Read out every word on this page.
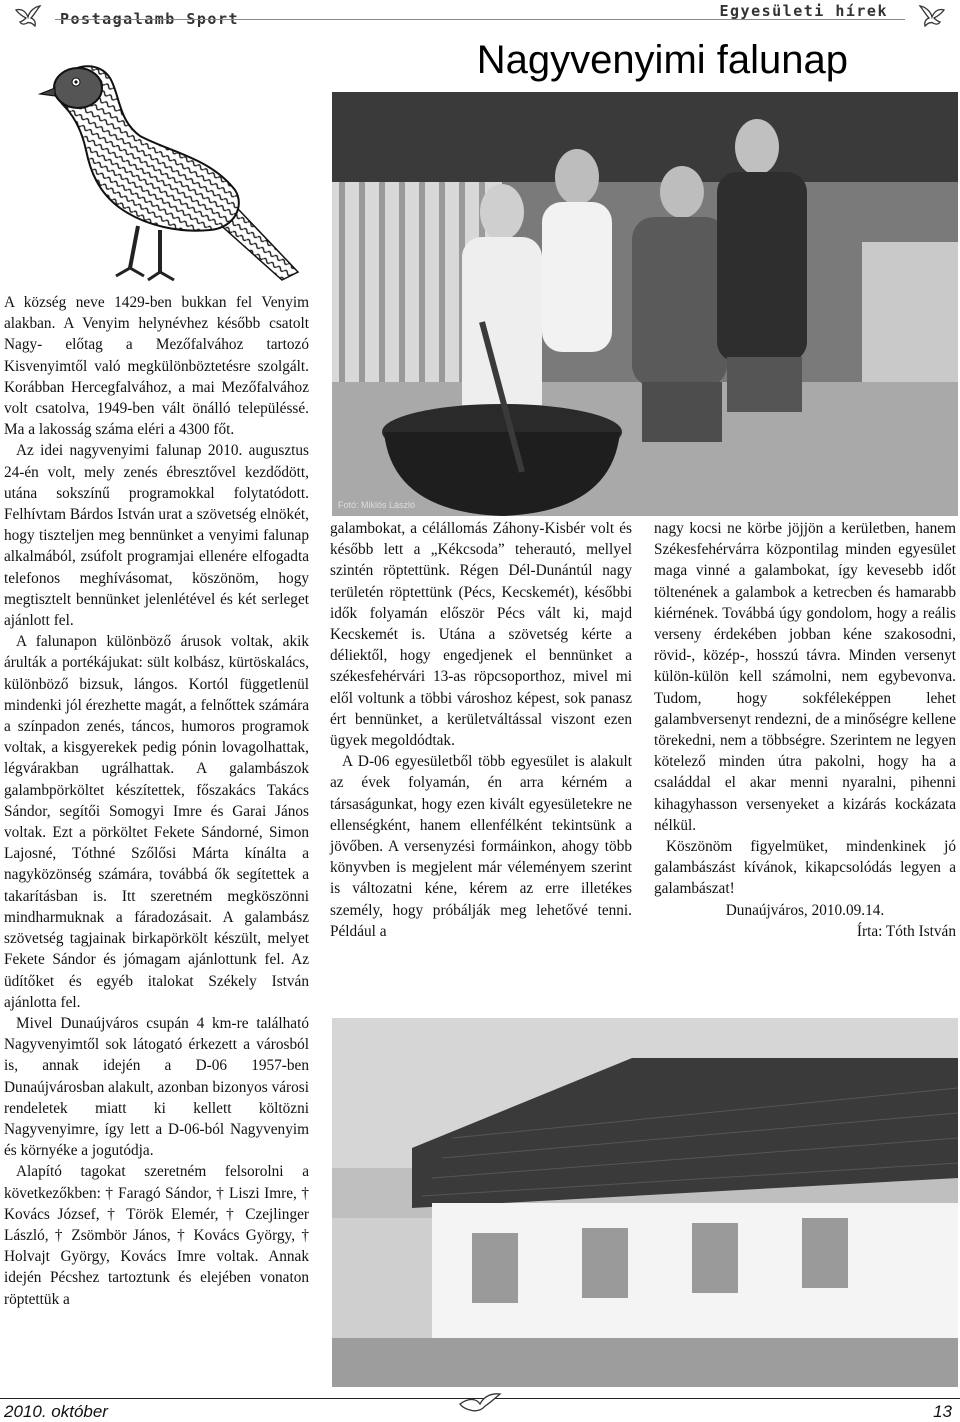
Postagalamb Sport	Egyesületi hírek
Nagyvenyimi falunap
Fotó: Miklós László

A község neve 1429-ben bukkan fel Venyim alakban. A Venyim helynévhez később csatolt Nagy- előtag a Mezőfalvához tartozó Kisvenyimtől való megkülönböztetésre szolgált. Korábban Hercegfalvához, a mai Mezőfalvához volt csatolva, 1949-ben vált önálló településsé. Ma a lakosság száma eléri a 4300 főt.

Az idei nagyvenyimi falunap 2010. augusztus 24-én volt, mely zenés ébresztővel kezdődött, utána sokszínű programokkal folytatódott. Felhívtam Bárdos István urat a szövetség elnökét, hogy tiszteljen meg bennünket a venyimi falunap alkalmából, zsúfolt programjai ellenére elfogadta telefonos meghívásomat, köszönöm, hogy megtisztelt bennünket jelenlétével és két serleget ajánlott fel.

A falunapon különböző árusok voltak, akik árulták a portékájukat: sült kolbász, kürtöskalács, különböző bizsuk, lángos. Kortól függetlenül mindenki jól érezhette magát, a felnőttek számára a színpadon zenés, táncos, humoros programok voltak, a kisgyerekek pedig pónin lovagolhattak, légvárakban ugrálhattak. A galambászok galambpörköltet készítettek, főszakács Takács Sándor, segítői Somogyi Imre és Garai János voltak. Ezt a pörköltet Fekete Sándorné, Simon Lajosné, Tóthné Szőlősi Márta kínálta a nagyközönség számára, továbbá ők segítettek a takarításban is. Itt szeretném megköszönni mindharmuknak a fáradozásait. A galambász szövetség tagjainak birkapörkölt készült, melyet Fekete Sándor és jómagam ajánlottunk fel. Az üdítőket és egyéb italokat Székely István ajánlotta fel.

Mivel Dunaújváros csupán 4 km-re található Nagyvenyimtől sok látogató érkezett a városból is, annak idején a D-06 1957-ben Dunaújvárosban alakult, azonban bizonyos városi rendeletek miatt ki kellett költözni Nagyvenyimre, így lett a D-06-ból Nagyvenyim és környéke a jogutódja.

Alapító tagokat szeretném felsorolni a következőkben: † Faragó Sándor, † Liszi Imre, † Kovács József, † Török Elemér, † Czejlinger László, † Zsömbör János, † Kovács György, † Holvajt György, Kovács Imre voltak. Annak idején Pécshez tartoztunk és elejében vonaton röptettük a

galambokat, a célállomás Záhony-Kisbér volt és később lett a „Kékcsoda” teherautó, mellyel szintén röptettünk. Régen Dél-Dunántúl nagy területén röptettünk (Pécs, Kecskemét), későbbi idők folyamán először Pécs vált ki, majd Kecskemét is. Utána a szövetség kérte a déliektől, hogy engedjenek el bennünket a székesfehérvári 13-as röpcsoporthoz, mivel mi elől voltunk a többi városhoz képest, sok panasz ért bennünket, a kerületváltással viszont ezen ügyek megoldódtak.

A D-06 egyesületből több egyesület is alakult az évek folyamán, én arra kérném a társaságunkat, hogy ezen kivált egyesületekre ne ellenségként, hanem ellenfélként tekintsünk a jövőben. A versenyzési formáinkon, ahogy több könyvben is megjelent már véleményem szerint is változatni kéne, kérem az erre illetékes személy, hogy próbálják meg lehetővé tenni. Például a

nagy kocsi ne körbe jöjjön a kerületben, hanem Székesfehérvárra központilag minden egyesület maga vinné a galambokat, így kevesebb időt töltenének a galambok a ketrecben és hamarabb kiérnének. Továbbá úgy gondolom, hogy a reális verseny érdekében jobban kéne szakosodni, rövid-, közép-, hosszú távra. Minden versenyt külön-külön kell számolni, nem egybevonva. Tudom, hogy sokféleképpen lehet galambversenyt rendezni, de a minőségre kellene törekedni, nem a többségre. Szerintem ne legyen kötelező minden útra pakolni, hogy ha a családdal el akar menni nyaralni, pihenni kihagyhasson versenyeket a kizárás kockázata nélkül.

Köszönöm figyelmüket, mindenkinek jó galambászást kívánok, kikapcsolódás legyen a galambászat!

Dunaújváros, 2010.09.14.

Írta: Tóth István

2010. október	13
